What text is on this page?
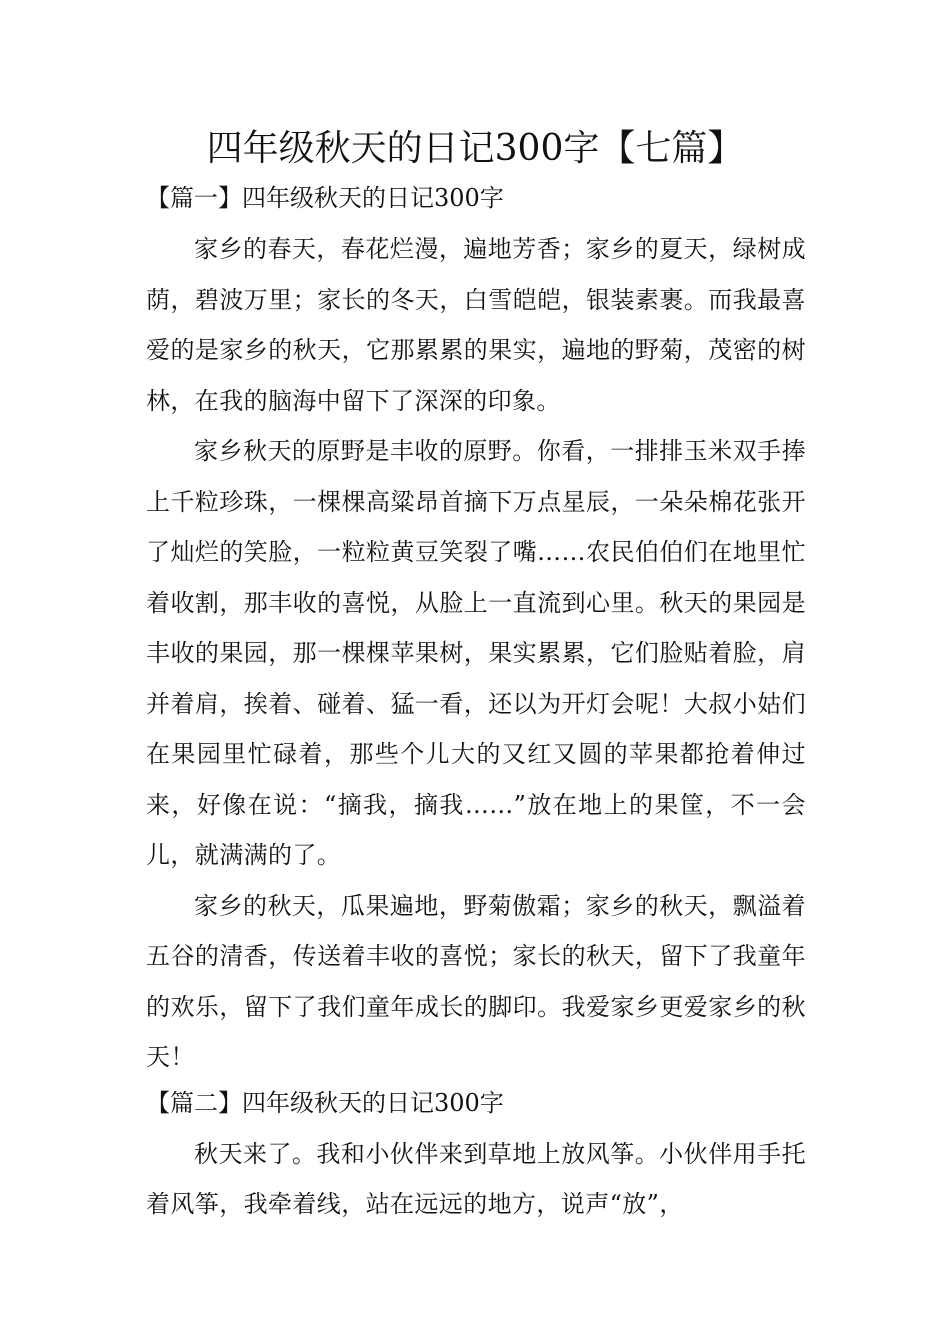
四年级秋天的日记300字【七篇】
【篇一】四年级秋天的日记300字

家乡的春天，春花烂漫，遍地芳香；家乡的夏天，绿树成荫，碧波万里；家长的冬天，白雪皑皑，银装素裹。而我最喜爱的是家乡的秋天，它那累累的果实，遍地的野菊，茂密的树林，在我的脑海中留下了深深的印象。

家乡秋天的原野是丰收的原野。你看，一排排玉米双手捧上千粒珍珠，一棵棵高粱昂首摘下万点星辰，一朵朵棉花张开了灿烂的笑脸，一粒粒黄豆笑裂了嘴……农民伯伯们在地里忙着收割，那丰收的喜悦，从脸上一直流到心里。秋天的果园是丰收的果园，那一棵棵苹果树，果实累累，它们脸贴着脸，肩并着肩，挨着、碰着、猛一看，还以为开灯会呢！大叔小姑们在果园里忙碌着，那些个儿大的又红又圆的苹果都抢着伸过来，好像在说：“摘我，摘我……”放在地上的果筐，不一会儿，就满满的了。

家乡的秋天，瓜果遍地，野菊傲霜；家乡的秋天，飘溢着五谷的清香，传送着丰收的喜悦；家长的秋天，留下了我童年的欢乐，留下了我们童年成长的脚印。我爱家乡更爱家乡的秋天！

【篇二】四年级秋天的日记300字

秋天来了。我和小伙伴来到草地上放风筝。小伙伴用手托着风筝，我牵着线，站在远远的地方，说声“放”，
